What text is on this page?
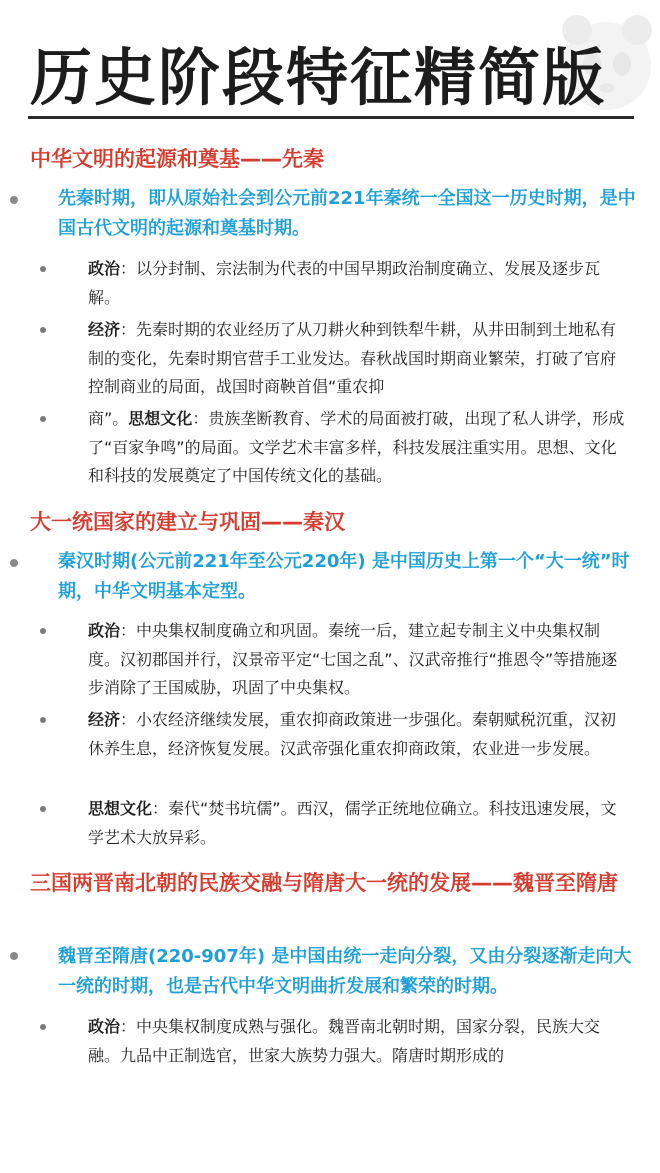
历史阶段特征精简版
中华文明的起源和奠基——先秦
先秦时期，即从原始社会到公元前221年秦统一全国这一历史时期，是中国古代文明的起源和奠基时期。
政治：以分封制、宗法制为代表的中国早期政治制度确立、发展及逐步瓦解。
经济：先秦时期的农业经历了从刀耕火种到铁犁牛耕，从井田制到土地私有制的变化，先秦时期官营手工业发达。春秋战国时期商业繁荣，打破了官府控制商业的局面，战国时商鞅首倡“重农抑
商”。思想文化：贵族垄断教育、学术的局面被打破，出现了私人讲学，形成了“百家争鸣”的局面。文学艺术丰富多样，科技发展注重实用。思想、文化和科技的发展奠定了中国传统文化的基础。
大一统国家的建立与巩固——秦汉
秦汉时期(公元前221年至公元220年) 是中国历史上第一个“大一统”时期，中华文明基本定型。
政治：中央集权制度确立和巩固。秦统一后，建立起专制主义中央集权制度。汉初郡国并行，汉景帝平定“七国之乱”、汉武帝推行“推恩令”等措施逐步消除了王国威胁，巩固了中央集权。
经济：小农经济继续发展，重农抑商政策进一步强化。秦朝赋税沉重，汉初休养生息，经济恢复发展。汉武帝强化重农抑商政策，农业进一步发展。
思想文化：秦代“焚书坑儒”。西汉，儒学正统地位确立。科技迅速发展，文学艺术大放异彩。
三国两晋南北朝的民族交融与隋唐大一统的发展——魏晋至隋唐
魏晋至隋唐(220-907年) 是中国由统一走向分裂，又由分裂逐渐走向大一统的时期，也是古代中华文明曲折发展和繁荣的时期。
政治：中央集权制度成熟与强化。魏晋南北朝时期，国家分裂，民族大交融。九品中正制选官，世家大族势力强大。隋唐时期形成的
